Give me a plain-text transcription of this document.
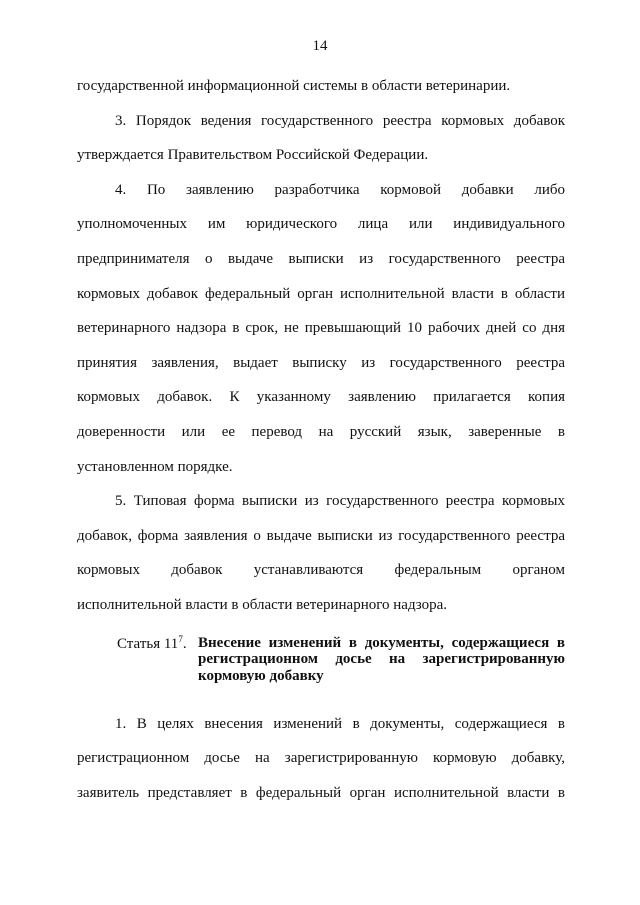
14
государственной информационной системы в области ветеринарии.
3. Порядок ведения государственного реестра кормовых добавок
утверждается Правительством Российской Федерации.
4. По заявлению разработчика кормовой добавки либо
уполномоченных им юридического лица или индивидуального
предпринимателя о выдаче выписки из государственного реестра
кормовых добавок федеральный орган исполнительной власти в области
ветеринарного надзора в срок, не превышающий 10 рабочих дней со дня
принятия заявления, выдает выписку из государственного реестра
кормовых добавок. К указанному заявлению прилагается копия
доверенности или ее перевод на русский язык, заверенные в
установленном порядке.
5. Типовая форма выписки из государственного реестра кормовых
добавок, форма заявления о выдаче выписки из государственного реестра
кормовых добавок устанавливаются федеральным органом
исполнительной власти в области ветеринарного надзора.
Статья $11^7$. Внесение изменений в документы, содержащиеся в
регистрационном досье на зарегистрированную
кормовую добавку
1. В целях внесения изменений в документы, содержащиеся в
регистрационном досье на зарегистрированную кормовую добавку,
заявитель представляет в федеральный орган исполнительной власти в
